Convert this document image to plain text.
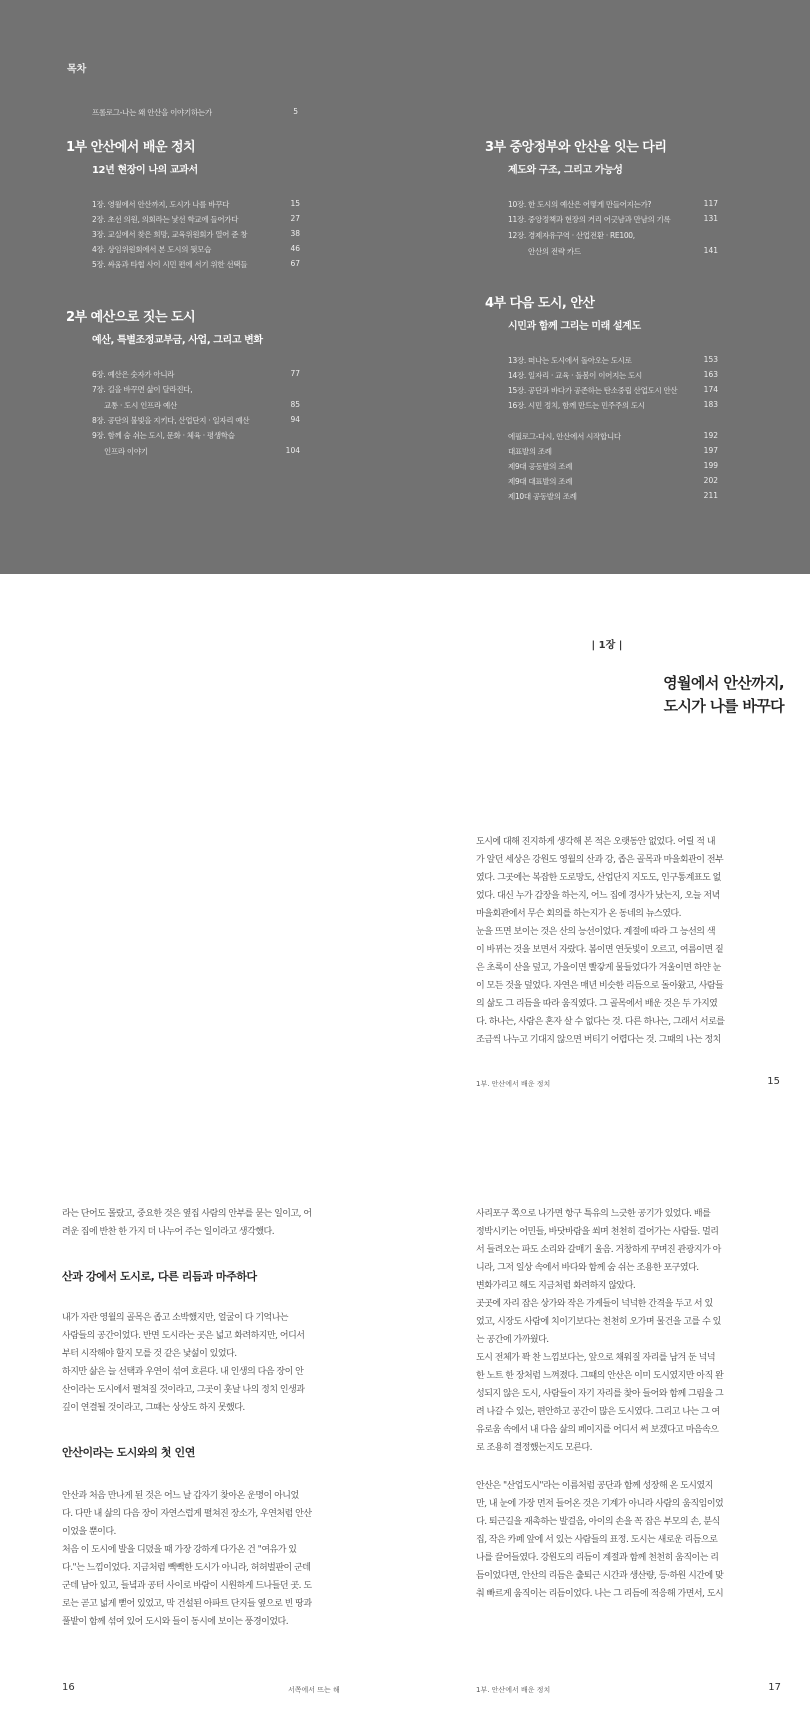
목차
프롤로그-나는 왜 안산을 이야기하는가	5
1부 안산에서 배운 정치
12년 현장이 나의 교과서
1장. 영월에서 안산까지, 도시가 나를 바꾸다	15
2장. 초선 의원, 의회라는 낯선 학교에 들어가다	27
3장. 교실에서 찾은 희망, 교육위원회가 열어 준 창	38
4장. 상임위원회에서 본 도시의 뒷모습	46
5장. 싸움과 타협 사이 시민 편에 서기 위한 선택들	67
2부 예산으로 짓는 도시
예산, 특별조정교부금, 사업, 그리고 변화
6장. 예산은 숫자가 아니라	77
7장. 길을 바꾸면 삶이 달라진다,
교통 · 도시 인프라 예산	85
8장. 공단의 불빛을 지키다, 산업단지 · 일자리 예산	94
9장. 함께 숨 쉬는 도시, 문화 · 체육 · 평생학습
인프라 이야기	104
3부 중앙정부와 안산을 잇는 다리
제도와 구조, 그리고 가능성
10장. 한 도시의 예산은 어떻게 만들어지는가?	117
11장. 중앙정책과 현장의 거리 어긋남과 만남의 기록	131
12장. 경제자유구역 · 산업전환 · RE100,
안산의 전략 카드	141
4부 다음 도시, 안산
시민과 함께 그리는 미래 설계도
13장. 떠나는 도시에서 돌아오는 도시로	153
14장. 일자리 · 교육 · 돌봄이 이어지는 도시	163
15장. 공단과 바다가 공존하는 탄소중립 산업도시 안산	174
16장. 시민 정치, 함께 만드는 민주주의 도시	183
에필로그-다시, 안산에서 시작합니다	192
대표발의 조례	197
제9대 공동발의 조례	199
제9대 대표발의 조례	202
제10대 공동발의 조례	211
| 1장 |
영월에서 안산까지,
도시가 나를 바꾸다
도시에 대해 진지하게 생각해 본 적은 오랫동안 없었다. 어릴 적 내
가 알던 세상은 강원도 영월의 산과 강, 좁은 골목과 마을회관이 전부
였다. 그곳에는 복잡한 도로망도, 산업단지 지도도, 인구통계표도 없
었다. 대신 누가 감장을 하는지, 어느 집에 경사가 났는지, 오늘 저녁
마을회관에서 무슨 회의를 하는지가 온 동네의 뉴스였다.
눈을 뜨면 보이는 것은 산의 능선이었다. 계절에 따라 그 능선의 색
이 바뀌는 것을 보면서 자랐다. 봄이면 연둣빛이 오르고, 여름이면 짙
은 초록이 산을 덮고, 가을이면 빨갛게 물들었다가 겨울이면 하얀 눈
이 모든 것을 덮었다. 자연은 매년 비슷한 리듬으로 돌아왔고, 사람들
의 삶도 그 리듬을 따라 움직였다. 그 골목에서 배운 것은 두 가지였
다. 하나는, 사람은 혼자 살 수 없다는 것. 다른 하나는, 그래서 서로를
조금씩 나누고 기대지 않으면 버티기 어렵다는 것. 그때의 나는 정치
1부. 안산에서 배운 정치	15
라는 단어도 몰랐고, 중요한 것은 옆집 사람의 안부를 묻는 일이고, 어
려운 집에 반찬 한 가지 더 나누어 주는 일이라고 생각했다.
산과 강에서 도시로, 다른 리듬과 마주하다
내가 자란 영월의 골목은 좁고 소박했지만, 얼굴이 다 기억나는
사람들의 공간이었다. 반면 도시라는 곳은 넓고 화려하지만, 어디서
부터 시작해야 할지 모를 것 같은 낯섦이 있었다.
하지만 삶은 늘 선택과 우연이 섞여 흐른다. 내 인생의 다음 장이 안
산이라는 도시에서 펼쳐질 것이라고, 그곳이 훗날 나의 정치 인생과
깊이 연결될 것이라고, 그때는 상상도 하지 못했다.
안산이라는 도시와의 첫 인연
안산과 처음 만나게 된 것은 어느 날 갑자기 찾아온 운명이 아니었
다. 다만 내 삶의 다음 장이 자연스럽게 펼쳐진 장소가, 우연처럼 안산
이었을 뿐이다.
처음 이 도시에 발을 디뎠을 때 가장 강하게 다가온 건 "여유가 있
다."는 느낌이었다. 지금처럼 빽빽한 도시가 아니라, 허허벌판이 군데
군데 남아 있고, 들녘과 공터 사이로 바람이 시원하게 드나들던 곳. 도
로는 곧고 넓게 뻗어 있었고, 막 건설된 아파트 단지들 옆으로 빈 땅과
풀밭이 함께 섞여 있어 도시와 들이 동시에 보이는 풍경이었다.
16	서쪽에서 뜨는 해
사리포구 쪽으로 나가면 항구 특유의 느긋한 공기가 있었다. 배를
정박시키는 어민들, 바닷바람을 쐬며 천천히 걸어가는 사람들. 멀리
서 들려오는 파도 소리와 갈매기 울음. 거창하게 꾸며진 관광지가 아
니라, 그저 일상 속에서 바다와 함께 숨 쉬는 조용한 포구였다.
변화가리고 해도 지금처럼 화려하지 않았다.
곳곳에 자리 잡은 상가와 작은 가게들이 넉넉한 간격을 두고 서 있
었고, 시장도 사람에 치이기보다는 천천히 오가며 물건을 고를 수 있
는 공간에 가까웠다.
도시 전체가 꽉 찬 느낌보다는, 앞으로 채워질 자리를 남겨 둔 넉넉
한 노트 한 장처럼 느껴졌다. 그때의 안산은 이미 도시였지만 아직 완
성되지 않은 도시, 사람들이 자기 자리를 찾아 들어와 함께 그림을 그
려 나갈 수 있는, 편안하고 공간이 많은 도시였다. 그리고 나는 그 여
유로움 속에서 내 다음 삶의 페이지를 어디서 써 보겠다고 마음속으
로 조용히 결정했는지도 모른다.
안산은 "산업도시"라는 이름처럼 공단과 함께 성장해 온 도시였지
만, 내 눈에 가장 먼저 들어온 것은 기계가 아니라 사람의 움직임이었
다. 퇴근길을 재촉하는 발걸음, 아이의 손을 꼭 잡은 부모의 손, 분식
집, 작은 카페 앞에 서 있는 사람들의 표정. 도시는 새로운 리듬으로
나를 끌어들였다. 강원도의 리듬이 계절과 함께 천천히 움직이는 리
듬이었다면, 안산의 리듬은 출퇴근 시간과 생산량, 등·하원 시간에 맞
춰 빠르게 움직이는 리듬이었다. 나는 그 리듬에 적응해 가면서, 도시
1부. 안산에서 배운 정치	17
